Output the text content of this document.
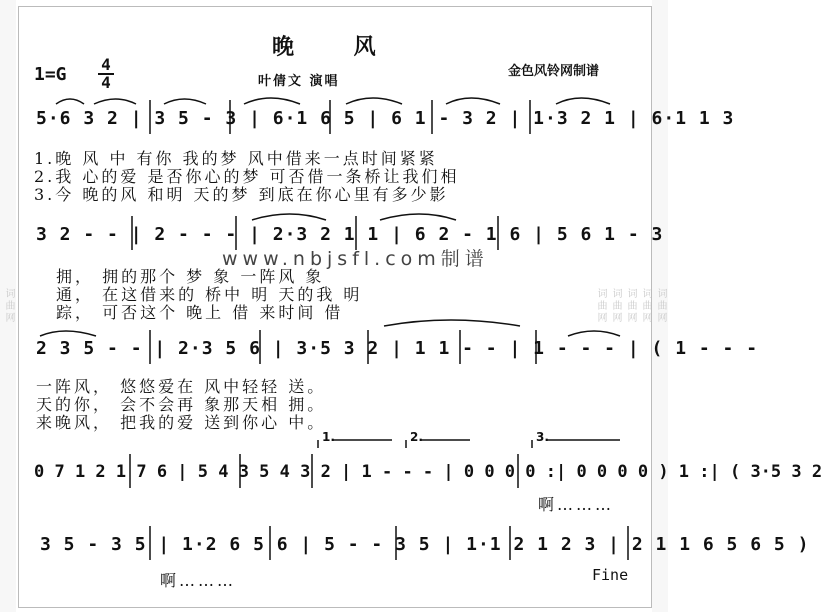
词曲网	词曲网
词曲网
词曲网
词曲网
词曲网
晚 风
1=G 4
4	叶倩文 演唱
金色风铃网制谱
5·6 3 2 | 3 5 - 3 | 6·1 6 5 | 6 1 - 3 2 | 1·3 2 1 | 6·1 1 3
1.晚 风 中 有你 我的梦 风中借来一点时间紧紧
2.我 心的爱 是否你心的梦 可否借一条桥让我们相
3.今 晚的风 和明 天的梦 到底在你心里有多少影
3 2 - - | 2 - - - | 2·3 2 1 1 | 6 2 - 1 6 | 5 6 1 - 3
www.nbjsfl.com制谱
拥， 拥的那个 梦 象 一阵风 象
通， 在这借来的 桥中 明 天的我 明
踪， 可否这个 晚上 借 来时间 借
2 3 5 - - | 2·3 5 6 | 3·5 3 2 | 1 1 - - | 1 - - - | ( 1 - - -
一阵风， 悠悠爱在 风中轻轻 送。
天的你， 会不会再 象那天相 拥。
来晚风， 把我的爱 送到你心 中。
1.	2.	3.
0 7 1 2 1 7 6 | 5 4 3 5 4 3 2 | 1 - - - | 0 0 0 0 :| 0 0 0 0 ) 1 :| ( 3·5 3 2
啊………
3 5 - 3 5 | 1·2 6 5 6 | 5 - - 3 5 | 1·1 2 1 2 3 | 2 1 1 6 5 6 5 )
啊………	Fine
